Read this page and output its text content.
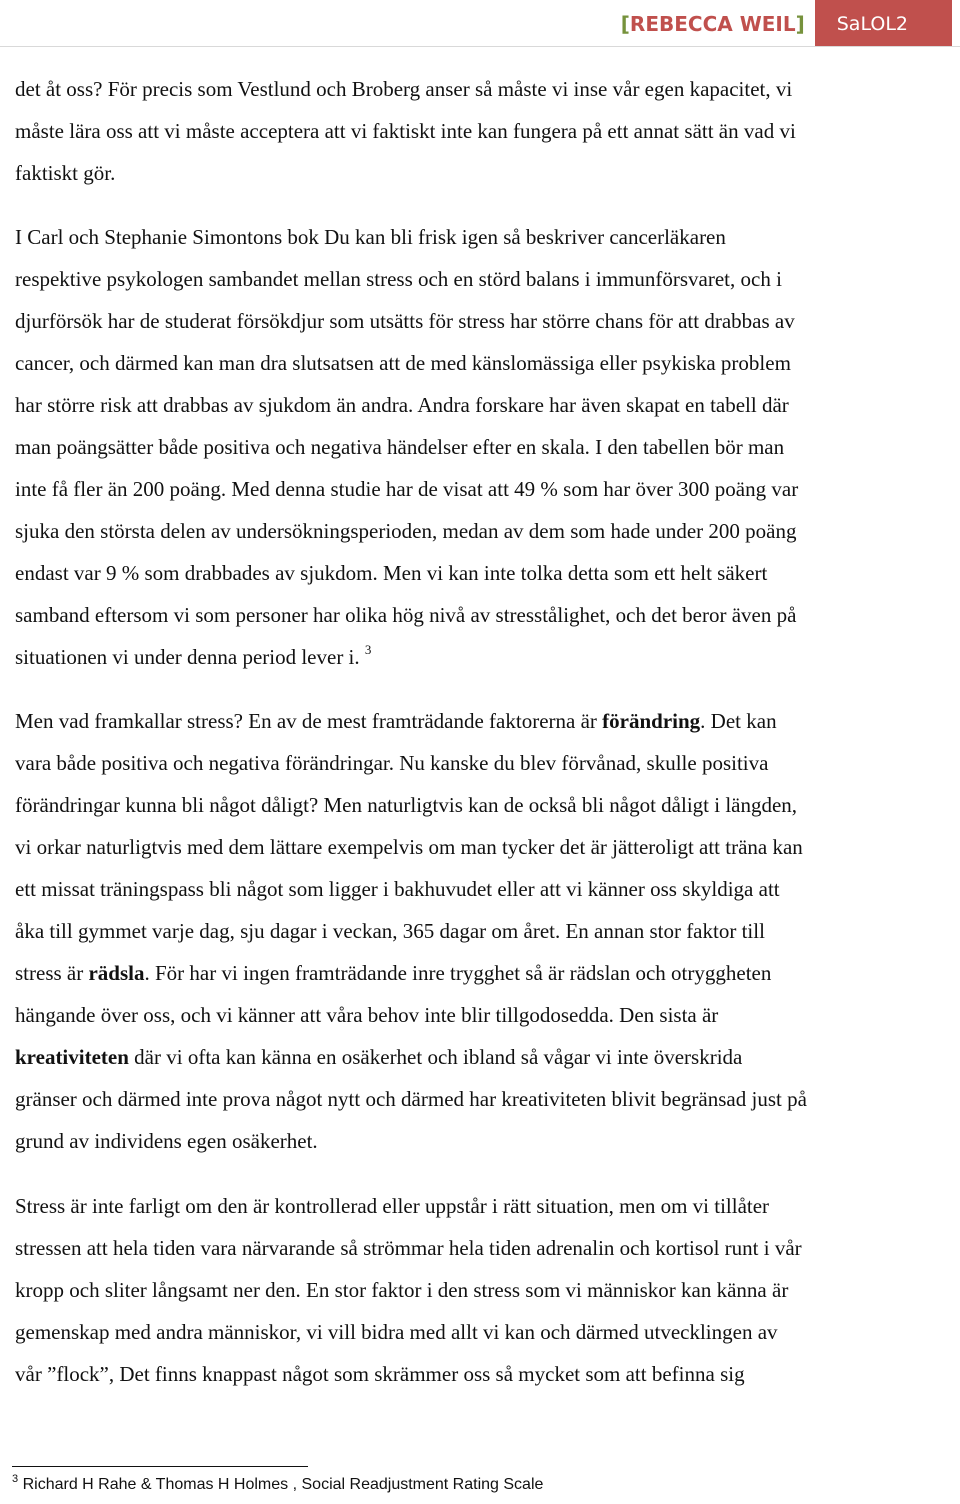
[REBECCA WEIL]	SaLOL2
det åt oss? För precis som Vestlund och Broberg anser så måste vi inse vår egen kapacitet, vi
måste lära oss att vi måste acceptera att vi faktiskt inte kan fungera på ett annat sätt än vad vi
faktiskt gör.
I Carl och Stephanie Simontons bok Du kan bli frisk igen så beskriver cancerläkaren
respektive psykologen sambandet mellan stress och en störd balans i immunförsvaret, och i
djurförsök har de studerat försökdjur som utsätts för stress har större chans för att drabbas av
cancer, och därmed kan man dra slutsatsen att de med känslomässiga eller psykiska problem
har större risk att drabbas av sjukdom än andra. Andra forskare har även skapat en tabell där
man poängsätter både positiva och negativa händelser efter en skala. I den tabellen bör man
inte få fler än 200 poäng. Med denna studie har de visat att 49 % som har över 300 poäng var
sjuka den största delen av undersökningsperioden, medan av dem som hade under 200 poäng
endast var 9 % som drabbades av sjukdom. Men vi kan inte tolka detta som ett helt säkert
samband eftersom vi som personer har olika hög nivå av stresstålighet, och det beror även på
situationen vi under denna period lever i. $^3$
Men vad framkallar stress? En av de mest framträdande faktorerna är förändring. Det kan
vara både positiva och negativa förändringar. Nu kanske du blev förvånad, skulle positiva
förändringar kunna bli något dåligt? Men naturligtvis kan de också bli något dåligt i längden,
vi orkar naturligtvis med dem lättare exempelvis om man tycker det är jätteroligt att träna kan
ett missat träningspass bli något som ligger i bakhuvudet eller att vi känner oss skyldiga att
åka till gymmet varje dag, sju dagar i veckan, 365 dagar om året. En annan stor faktor till
stress är rädsla. För har vi ingen framträdande inre trygghet så är rädslan och otryggheten
hängande över oss, och vi känner att våra behov inte blir tillgodosedda. Den sista är
kreativiteten där vi ofta kan känna en osäkerhet och ibland så vågar vi inte överskrida
gränser och därmed inte prova något nytt och därmed har kreativiteten blivit begränsad just på
grund av individens egen osäkerhet.
Stress är inte farligt om den är kontrollerad eller uppstår i rätt situation, men om vi tillåter
stressen att hela tiden vara närvarande så strömmar hela tiden adrenalin och kortisol runt i vår
kropp och sliter långsamt ner den. En stor faktor i den stress som vi människor kan känna är
gemenskap med andra människor, vi vill bidra med allt vi kan och därmed utvecklingen av
vår ”flock”, Det finns knappast något som skrämmer oss så mycket som att befinna sig
$^3$ Richard H Rahe & Thomas H Holmes , Social Readjustment Rating Scale
